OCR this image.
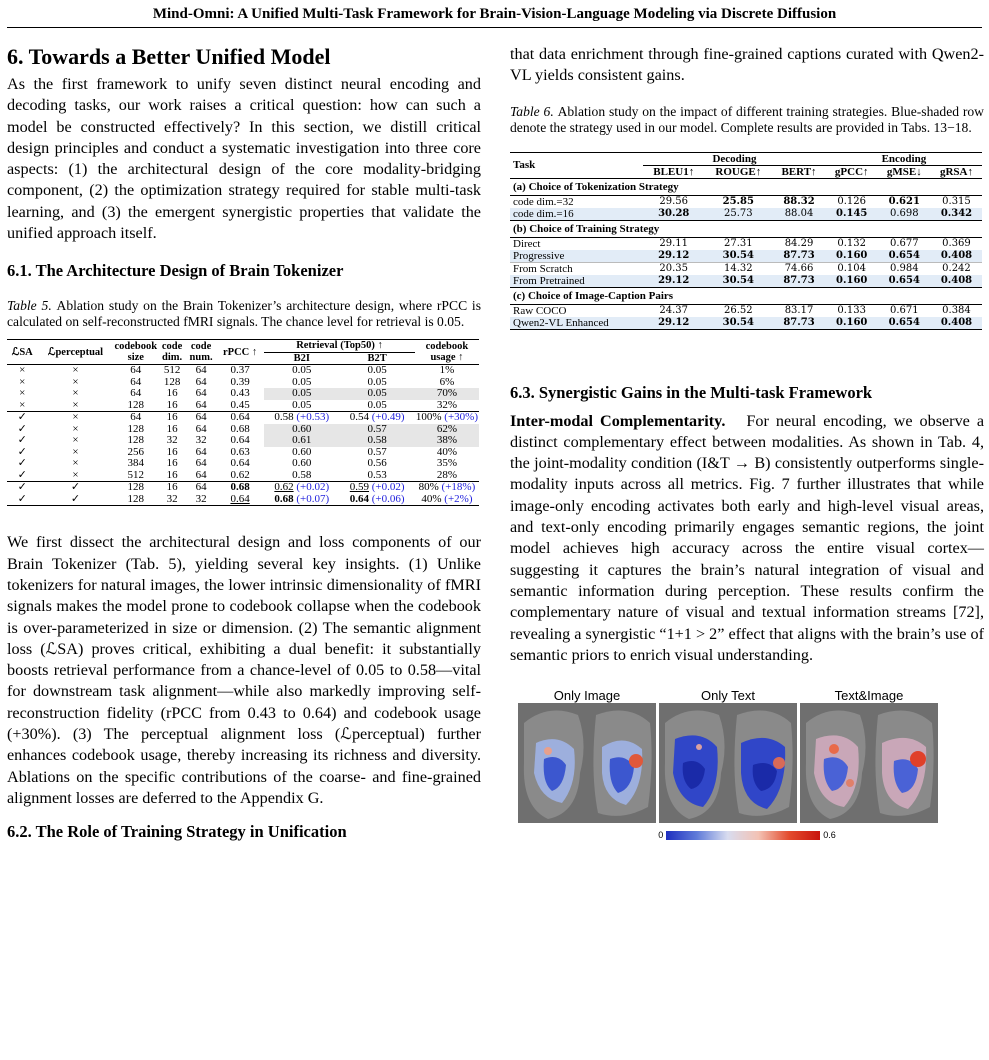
Mind-Omni: A Unified Multi-Task Framework for Brain-Vision-Language Modeling via Discrete Diffusion
6. Towards a Better Unified Model

As the first framework to unify seven distinct neural encoding and decoding tasks, our work raises a critical question: how can such a model be constructed effectively? In this section, we distill critical design principles and conduct a systematic investigation into three core aspects: (1) the architectural design of the core modality-bridging component, (2) the optimization strategy required for stable multi-task learning, and (3) the emergent synergistic properties that validate the unified approach itself.

6.1. The Architecture Design of Brain Tokenizer

Table 5. Ablation study on the Brain Tokenizer’s architecture design, where rPCC is calculated on self-reconstructed fMRI signals. The chance level for retrieval is 0.05.

ℒSA	ℒperceptual	codebook size	code dim.	code num.	rPCC ↑	Retrieval (Top50) ↑		codebook usage ↑
						B2I	B2T	
×	×	64	512	64	0.37	0.05	0.05	1%
×	×	64	128	64	0.39	0.05	0.05	6%
×	×	64	16	64	0.43	0.05	0.05	70%
×	×	128	16	64	0.45	0.05	0.05	32%
✓	×	64	16	64	0.64	0.58 (+0.53)	0.54 (+0.49)	100% (+30%)
✓	×	128	16	64	0.68	0.60	0.57	62%
✓	×	128	32	32	0.64	0.61	0.58	38%
✓	×	256	16	64	0.63	0.60	0.57	40%
✓	×	384	16	64	0.64	0.60	0.56	35%
✓	×	512	16	64	0.62	0.58	0.53	28%
✓	✓	128	16	64	0.68	0.62 (+0.02)	0.59 (+0.02)	80% (+18%)
✓	✓	128	32	32	0.64	0.68 (+0.07)	0.64 (+0.06)	40% (+2%)

We first dissect the architectural design and loss components of our Brain Tokenizer (Tab. 5), yielding several key insights. (1) Unlike tokenizers for natural images, the lower intrinsic dimensionality of fMRI signals makes the model prone to codebook collapse when the codebook is over-parameterized in size or dimension. (2) The semantic alignment loss (ℒSA) proves critical, exhibiting a dual benefit: it substantially boosts retrieval performance from a chance-level of 0.05 to 0.58—vital for downstream task alignment—while also markedly improving self-reconstruction fidelity (rPCC from 0.43 to 0.64) and codebook usage (+30%). (3) The perceptual alignment loss (ℒperceptual) further enhances codebook usage, thereby increasing its richness and diversity. Ablations on the specific contributions of the coarse- and fine-grained alignment losses are deferred to the Appendix G.

6.2. The Role of Training Strategy in Unification

that data enrichment through fine-grained captions curated with Qwen2-VL yields consistent gains.

Table 6. Ablation study on the impact of different training strategies. Blue-shaded row denote the strategy used in our model. Complete results are provided in Tabs. 13−18.

Task	Decoding			Encoding		
	BLEU1↑	ROUGE↑	BERT↑	gPCC↑	gMSE↓	gRSA↑
(a) Choice of Tokenization Strategy						
code dim.=32	29.56	25.85	88.32	0.126	0.621	0.315
code dim.=16	30.28	25.73	88.04	0.145	0.698	0.342
(b) Choice of Training Strategy						
Direct	29.11	27.31	84.29	0.132	0.677	0.369
Progressive	29.12	30.54	87.73	0.160	0.654	0.408
From Scratch	20.35	14.32	74.66	0.104	0.984	0.242
From Pretrained	29.12	30.54	87.73	0.160	0.654	0.408
(c) Choice of Image-Caption Pairs						
Raw COCO	24.37	26.52	83.17	0.133	0.671	0.384
Qwen2-VL Enhanced	29.12	30.54	87.73	0.160	0.654	0.408
6.3. Synergistic Gains in the Multi-task Framework

Inter-modal Complementarity. For neural encoding, we observe a distinct complementary effect between modalities. As shown in Tab. 4, the joint-modality condition (I&T → B) consistently outperforms single-modality inputs across all metrics. Fig. 7 further illustrates that while image-only encoding activates both early and high-level visual areas, and text-only encoding primarily engages semantic regions, the joint model achieves high accuracy across the entire visual cortex—suggesting it captures the brain’s natural integration of visual and semantic information during perception. These results confirm the complementary nature of visual and textual information streams [72], revealing a synergistic “1+1 > 2” effect that aligns with the brain’s use of semantic priors to enrich visual understanding.

Only Image	Only Text	Text&Image
0	0.6
